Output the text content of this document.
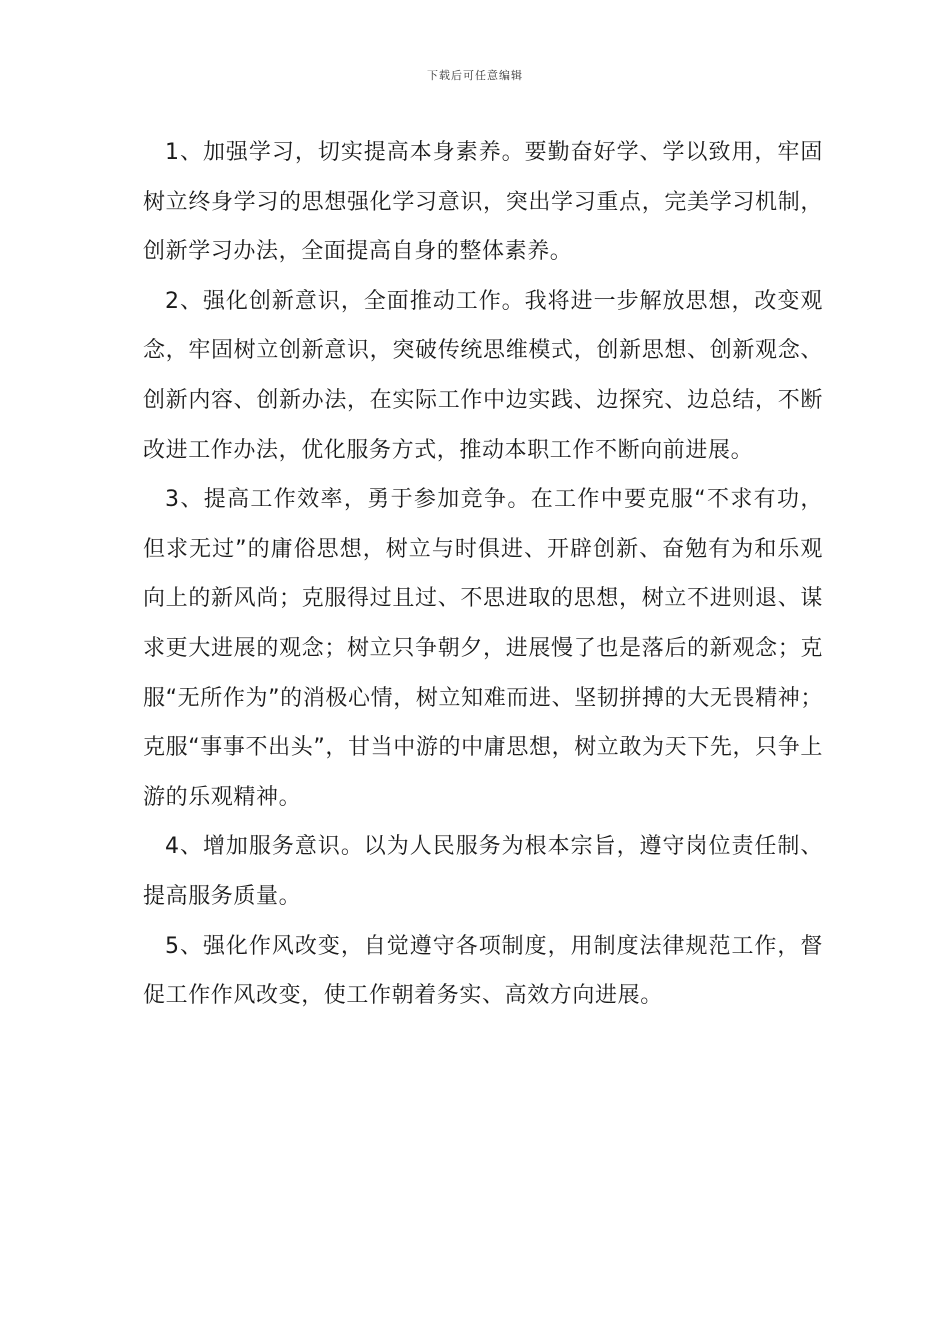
下载后可任意编辑

1、加强学习，切实提高本身素养。要勤奋好学、学以致用，牢固树立终身学习的思想强化学习意识，突出学习重点，完美学习机制，创新学习办法，全面提高自身的整体素养。

2、强化创新意识，全面推动工作。我将进一步解放思想，改变观念，牢固树立创新意识，突破传统思维模式，创新思想、创新观念、创新内容、创新办法，在实际工作中边实践、边探究、边总结，不断改进工作办法，优化服务方式，推动本职工作不断向前进展。

3、提高工作效率，勇于参加竞争。在工作中要克服“不求有功，但求无过”的庸俗思想，树立与时俱进、开辟创新、奋勉有为和乐观向上的新风尚；克服得过且过、不思进取的思想，树立不进则退、谋求更大进展的观念；树立只争朝夕，进展慢了也是落后的新观念；克服“无所作为”的消极心情，树立知难而进、坚韧拼搏的大无畏精神；克服“事事不出头”，甘当中游的中庸思想，树立敢为天下先，只争上游的乐观精神。

4、增加服务意识。以为人民服务为根本宗旨，遵守岗位责任制、提高服务质量。

5、强化作风改变，自觉遵守各项制度，用制度法律规范工作，督促工作作风改变，使工作朝着务实、高效方向进展。
